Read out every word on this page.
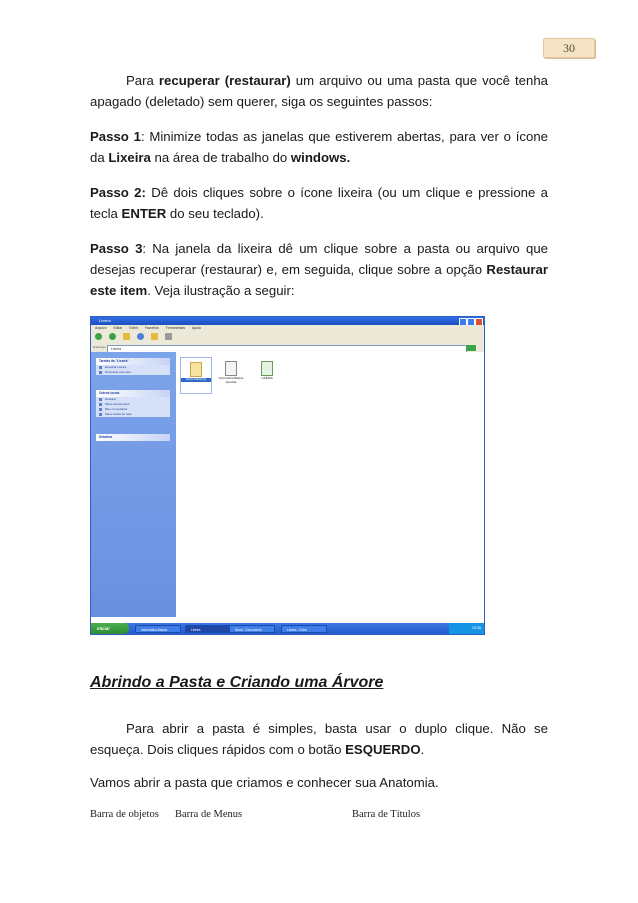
30

Para recuperar (restaurar) um arquivo ou uma pasta que você tenha apagado (deletado) sem querer, siga os seguintes passos:

Passo 1: Minimize todas as janelas que estiverem abertas, para ver o ícone da Lixeira na área de trabalho do windows.

Passo 2: Dê dois cliques sobre o ícone lixeira (ou um clique e pressione a tecla ENTER do seu teclado).

Passo 3: Na janela da lixeira dê um clique sobre a pasta ou arquivo que desejas recuperar (restaurar) e, em seguida, clique sobre a opção Restaurar este item. Veja ilustração a seguir:

Lixeira
Arquivo Editar Exibir Favoritos Ferramentas Ajuda
Endereço	Lixeira
Tarefas da "Lixeira"
Esvaziar Lixeira
Restaurar este item
Outros locais
Desktop
Meus documentos
Meu computador
Meus locais de rede
Detalhes
Nova Pasta (2)	Informática Básica Apostila
LIXEIRA
Iniciar	Informática Básica	Lixeira	Word - Documento	Lixeira - Paint	19:35
Abrindo a Pasta e Criando uma Árvore

Para abrir a pasta é simples, basta usar o duplo clique. Não se esqueça. Dois cliques rápidos com o botão ESQUERDO.

Vamos abrir a pasta que criamos e conhecer sua Anatomia.

Barra de objetos Barra de Menus	Barra de Títulos
